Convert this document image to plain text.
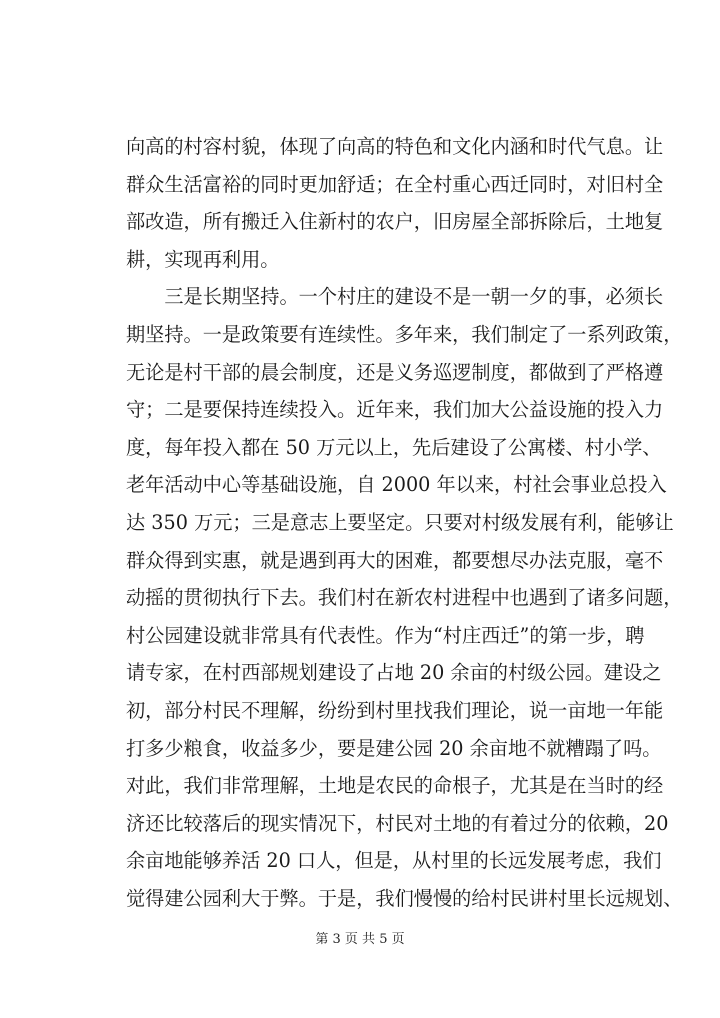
向高的村容村貌，体现了向高的特色和文化内涵和时代气息。让
群众生活富裕的同时更加舒适；在全村重心西迁同时，对旧村全
部改造，所有搬迁入住新村的农户，旧房屋全部拆除后，土地复
耕，实现再利用。
　　三是长期坚持。一个村庄的建设不是一朝一夕的事，必须长
期坚持。一是政策要有连续性。多年来，我们制定了一系列政策，
无论是村干部的晨会制度，还是义务巡逻制度，都做到了严格遵
守；二是要保持连续投入。近年来，我们加大公益设施的投入力
度，每年投入都在 50 万元以上，先后建设了公寓楼、村小学、
老年活动中心等基础设施，自 2000 年以来，村社会事业总投入
达 350 万元；三是意志上要坚定。只要对村级发展有利，能够让
群众得到实惠，就是遇到再大的困难，都要想尽办法克服，毫不
动摇的贯彻执行下去。我们村在新农村进程中也遇到了诸多问题，
村公园建设就非常具有代表性。作为“村庄西迁”的第一步，聘
请专家，在村西部规划建设了占地 20 余亩的村级公园。建设之
初，部分村民不理解，纷纷到村里找我们理论，说一亩地一年能
打多少粮食，收益多少，要是建公园 20 余亩地不就糟蹋了吗。
对此，我们非常理解，土地是农民的命根子，尤其是在当时的经
济还比较落后的现实情况下，村民对土地的有着过分的依赖，20
余亩地能够养活 20 口人，但是，从村里的长远发展考虑，我们
觉得建公园利大于弊。于是，我们慢慢的给村民讲村里长远规划、
第 3 页 共 5 页
